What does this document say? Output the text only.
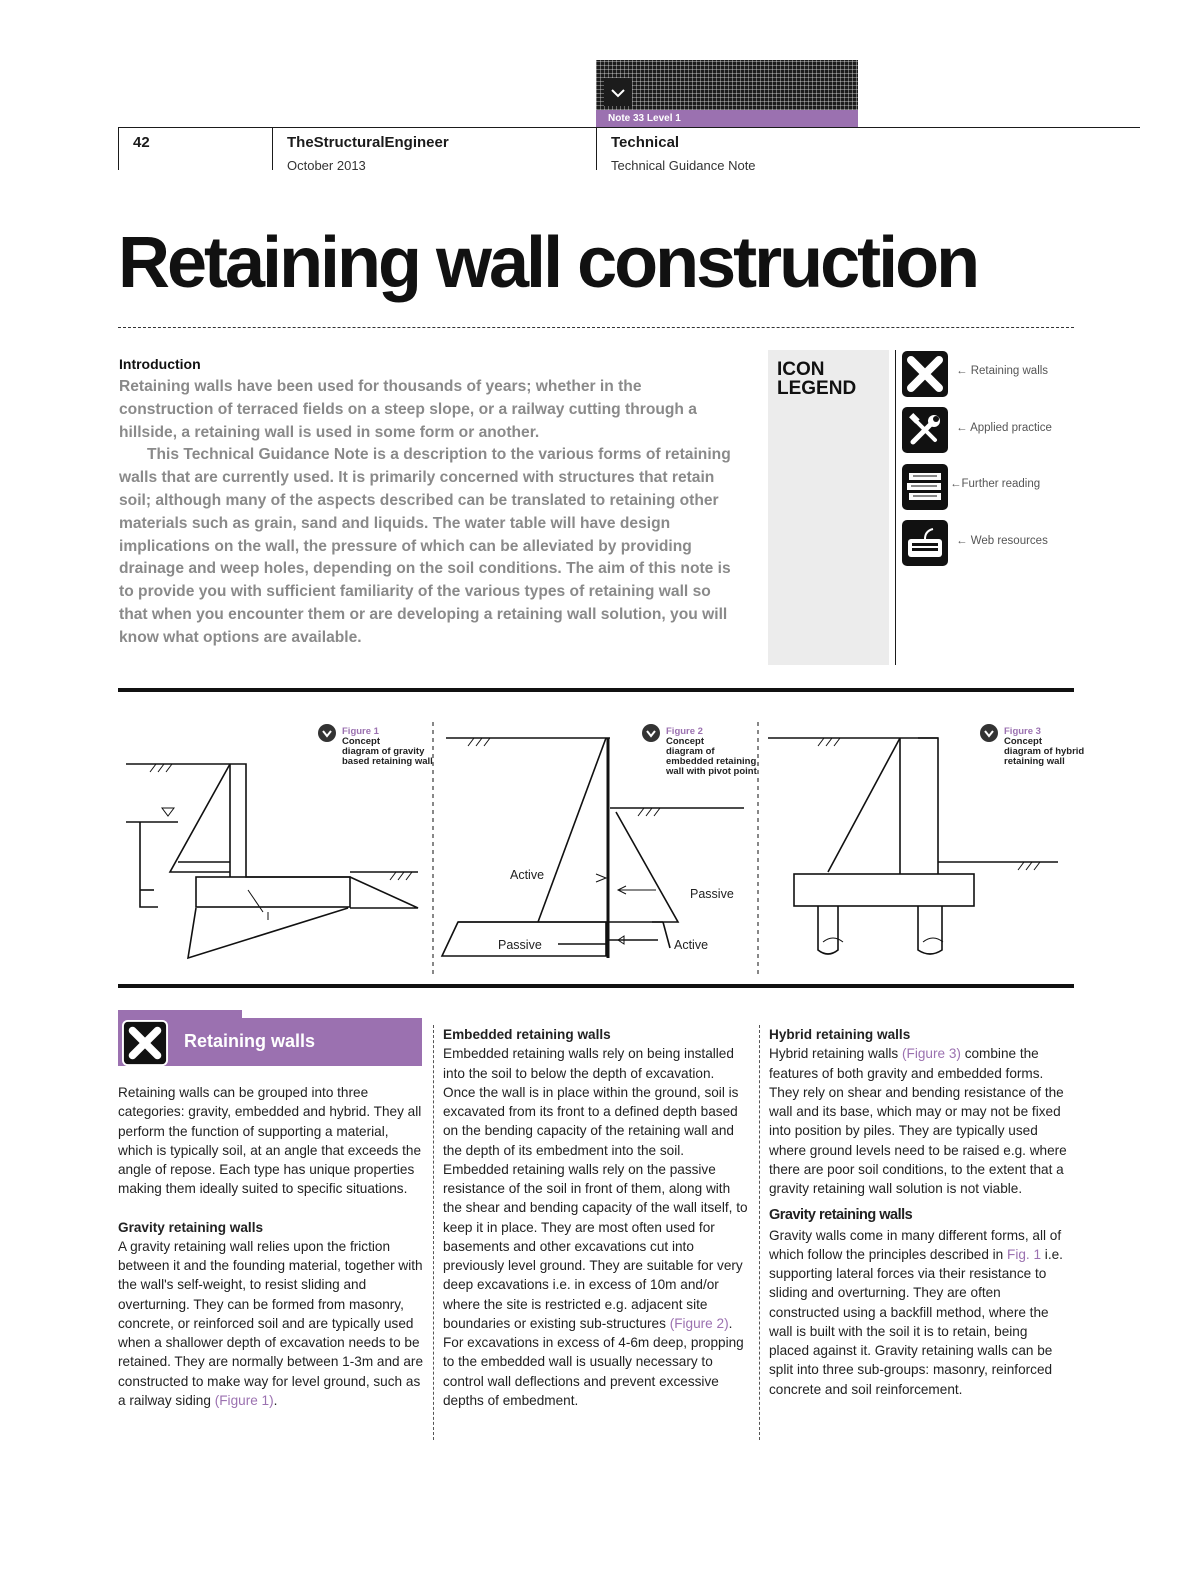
Note 33 Level 1
42	TheStructuralEngineer
October 2013
Technical
Technical Guidance Note
Retaining wall construction
Introduction

Retaining walls have been used for thousands of years; whether in the construction of terraced fields on a steep slope, or a railway cutting through a hillside, a retaining wall is used in some form or another.

This Technical Guidance Note is a description to the various forms of retaining walls that are currently used. It is primarily concerned with structures that retain soil; although many of the aspects described can be translated to retaining other materials such as grain, sand and liquids. The water table will have design implications on the wall, the pressure of which can be alleviated by providing drainage and weep holes, depending on the soil conditions. The aim of this note is to provide you with sufficient familiarity of the various types of retaining wall so that when you encounter them or are developing a retaining wall solution, you will know what options are available.

ICON
LEGEND
← Retaining walls
← Applied practice
←Further reading
← Web resources
Active
Passive
Passive	Active
Figure 1
Concept
diagram of gravity
based retaining wall
Figure 2
Concept
diagram of
embedded retaining
wall with pivot point
Figure 3
Concept
diagram of hybrid
retaining wall
Retaining walls

Retaining walls can be grouped into three categories: gravity, embedded and hybrid. They all perform the function of supporting a material, which is typically soil, at an angle that exceeds the angle of repose. Each type has unique properties making them ideally suited to specific situations.

Gravity retaining walls

A gravity retaining wall relies upon the friction between it and the founding material, together with the wall's self-weight, to resist sliding and overturning. They can be formed from masonry, concrete, or reinforced soil and are typically used when a shallower depth of excavation needs to be retained. They are normally between 1-3m and are constructed to make way for level ground, such as a railway siding (Figure 1).

Embedded retaining walls

Embedded retaining walls rely on being installed into the soil to below the depth of excavation. Once the wall is in place within the ground, soil is excavated from its front to a defined depth based on the bending capacity of the retaining wall and the depth of its embedment into the soil. Embedded retaining walls rely on the passive resistance of the soil in front of them, along with the shear and bending capacity of the wall itself, to keep it in place. They are most often used for basements and other excavations cut into previously level ground. They are suitable for very deep excavations i.e. in excess of 10m and/or where the site is restricted e.g. adjacent site boundaries or existing sub-structures (Figure 2).

For excavations in excess of 4-6m deep, propping to the embedded wall is usually necessary to control wall deflections and prevent excessive depths of embedment.

Hybrid retaining walls

Hybrid retaining walls (Figure 3) combine the features of both gravity and embedded forms. They rely on shear and bending resistance of the wall and its base, which may or may not be fixed into position by piles. They are typically used where ground levels need to be raised e.g. where there are poor soil conditions, to the extent that a gravity retaining wall solution is not viable.

Gravity retaining walls

Gravity walls come in many different forms, all of which follow the principles described in Fig. 1 i.e. supporting lateral forces via their resistance to sliding and overturning. They are often constructed using a backfill method, where the wall is built with the soil it is to retain, being placed against it. Gravity retaining walls can be split into three sub-groups: masonry, reinforced concrete and soil reinforcement.
